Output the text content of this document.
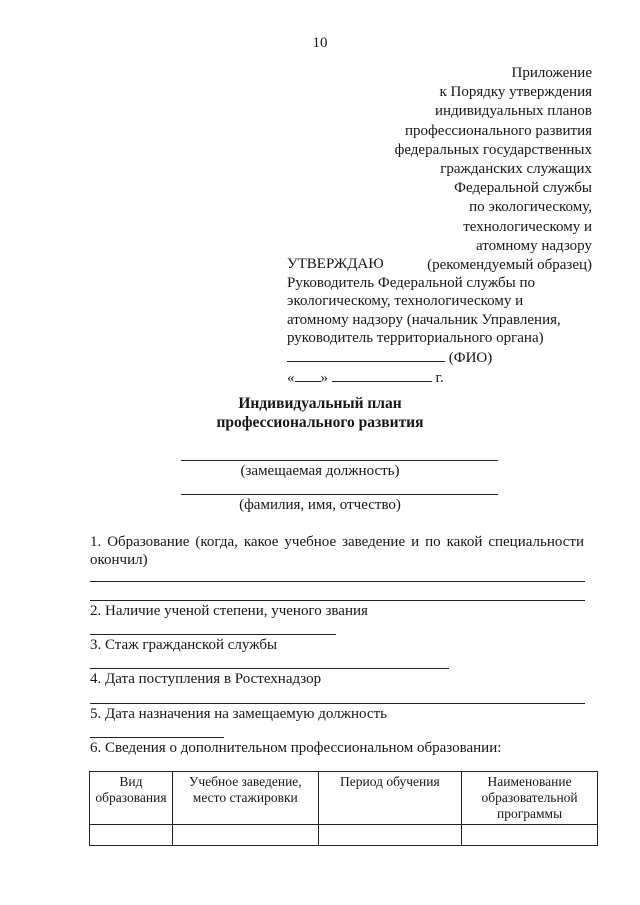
10
Приложение
к Порядку утверждения
индивидуальных планов
профессионального развития
федеральных государственных
гражданских служащих
Федеральной службы
по экологическому,
технологическому и
атомному надзору
(рекомендуемый образец)
УТВЕРЖДАЮ
Руководитель Федеральной службы по
экологическому, технологическому и
атомному надзору (начальник Управления,
руководитель территориального органа)
(ФИО)
« »	г.
Индивидуальный план
профессионального развития
(замещаемая должность)
(фамилия, имя, отчество)
1. Образование (когда, какое учебное заведение и по какой специальности окончил)
2. Наличие ученой степени, ученого звания
3. Стаж гражданской службы
4. Дата поступления в Ростехнадзор
5. Дата назначения на замещаемую должность
6. Сведения о дополнительном профессиональном образовании:
Вид образования	Учебное заведение, место стажировки	Период обучения	Наименование образовательной программы
